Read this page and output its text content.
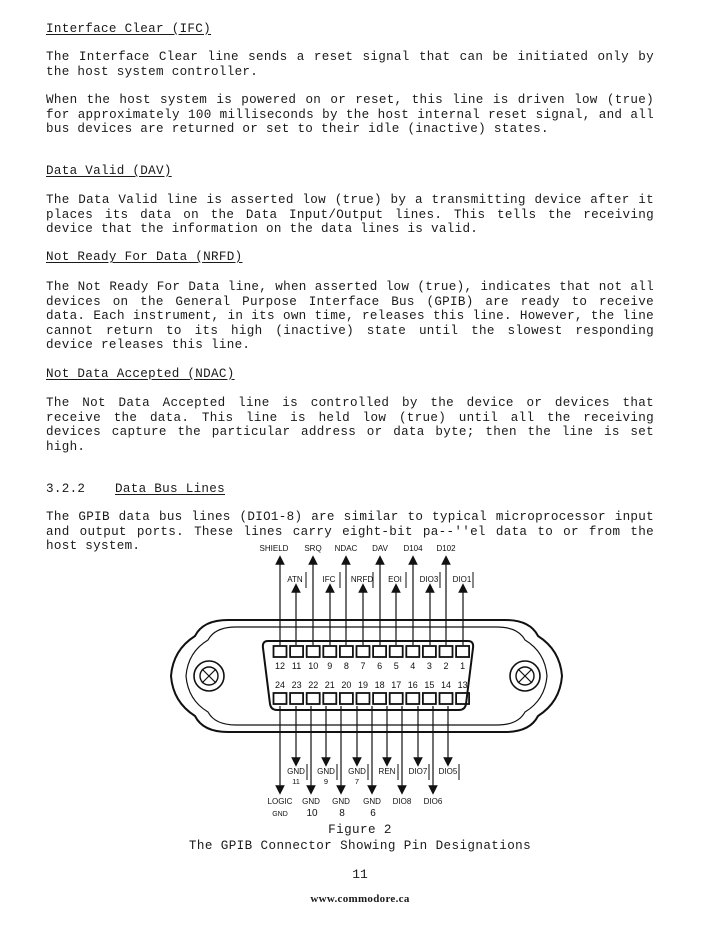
Interface Clear (IFC)
The Interface Clear line sends a reset signal that can be initiated only by the host system controller.
When the host system is powered on or reset, this line is driven low (true) for approximately 100 milliseconds by the host internal reset signal, and all bus devices are returned or set to their idle (inactive) states.
Data Valid (DAV)
The Data Valid line is asserted low (true) by a transmitting device after it places its data on the Data Input/Output lines. This tells the receiving device that the information on the data lines is valid.
Not Ready For Data (NRFD)
The Not Ready For Data line, when asserted low (true), indicates that not all devices on the General Purpose Interface Bus (GPIB) are ready to receive data. Each instrument, in its own time, releases this line. However, the line cannot return to its high (inactive) state until the slowest responding device releases this line.
Not Data Accepted (NDAC)
The Not Data Accepted line is controlled by the device or devices that receive the data. This line is held low (true) until all the receiving devices capture the particular address or data byte; then the line is set high.
3.2.2 Data Bus Lines
The GPIB data bus lines (DIO1-8) are similar to typical microprocessor input and output ports. These lines carry eight-bit pa--''el data to or from the host system.
12 11 10 9 8 7 6 5 4 3 2 1
24 23 22 21 20 19 18 17 16 15 14 13
SHIELD SRQ NDAC DAV D104 D102
ATN IFC NRFD EOI DIO3 DIO1
GND
11
GND
9
GND
7
REN DIO7 DIO5
LOGIC
GND
GND
10
GND
8
GND
6
DIO8 DIO6
Figure 2
The GPIB Connector Showing Pin Designations
11
www.commodore.ca
